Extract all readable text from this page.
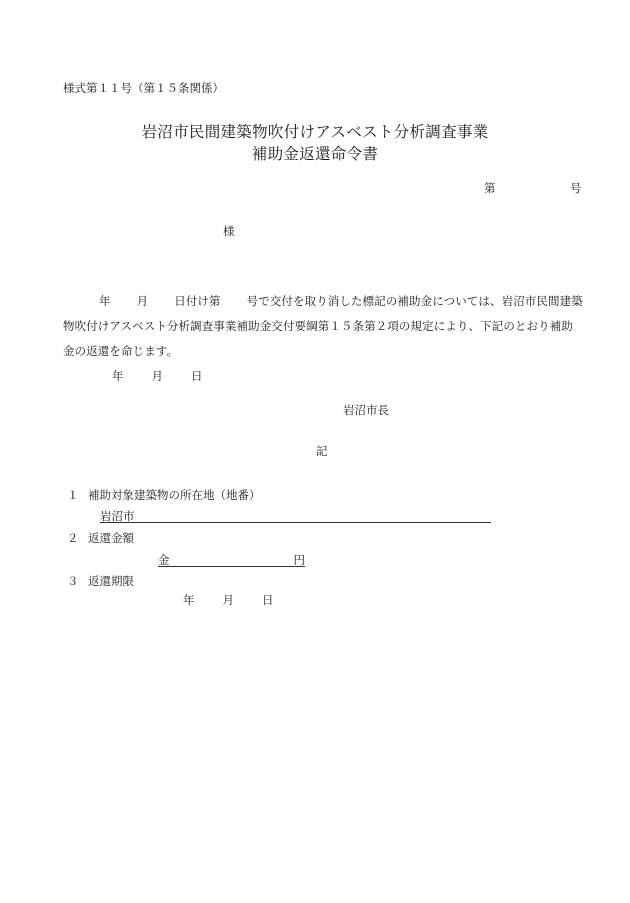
様式第１１号（第１５条関係）
岩沼市民間建築物吹付けアスベスト分析調査事業
補助金返還命令書
第	号
様
年 月 日付け第 号で交付を取り消した標記の補助金については、岩沼市民間建築物吹付けアスベスト分析調査事業補助金交付要綱第１５条第２項の規定により、下記のとおり補助金の返還を命じます。
年 月 日
岩沼市長
記
１ 補助対象建築物の所在地（地番）
岩沼市
２ 返還金額
金	円
３ 返還期限
年 月 日
